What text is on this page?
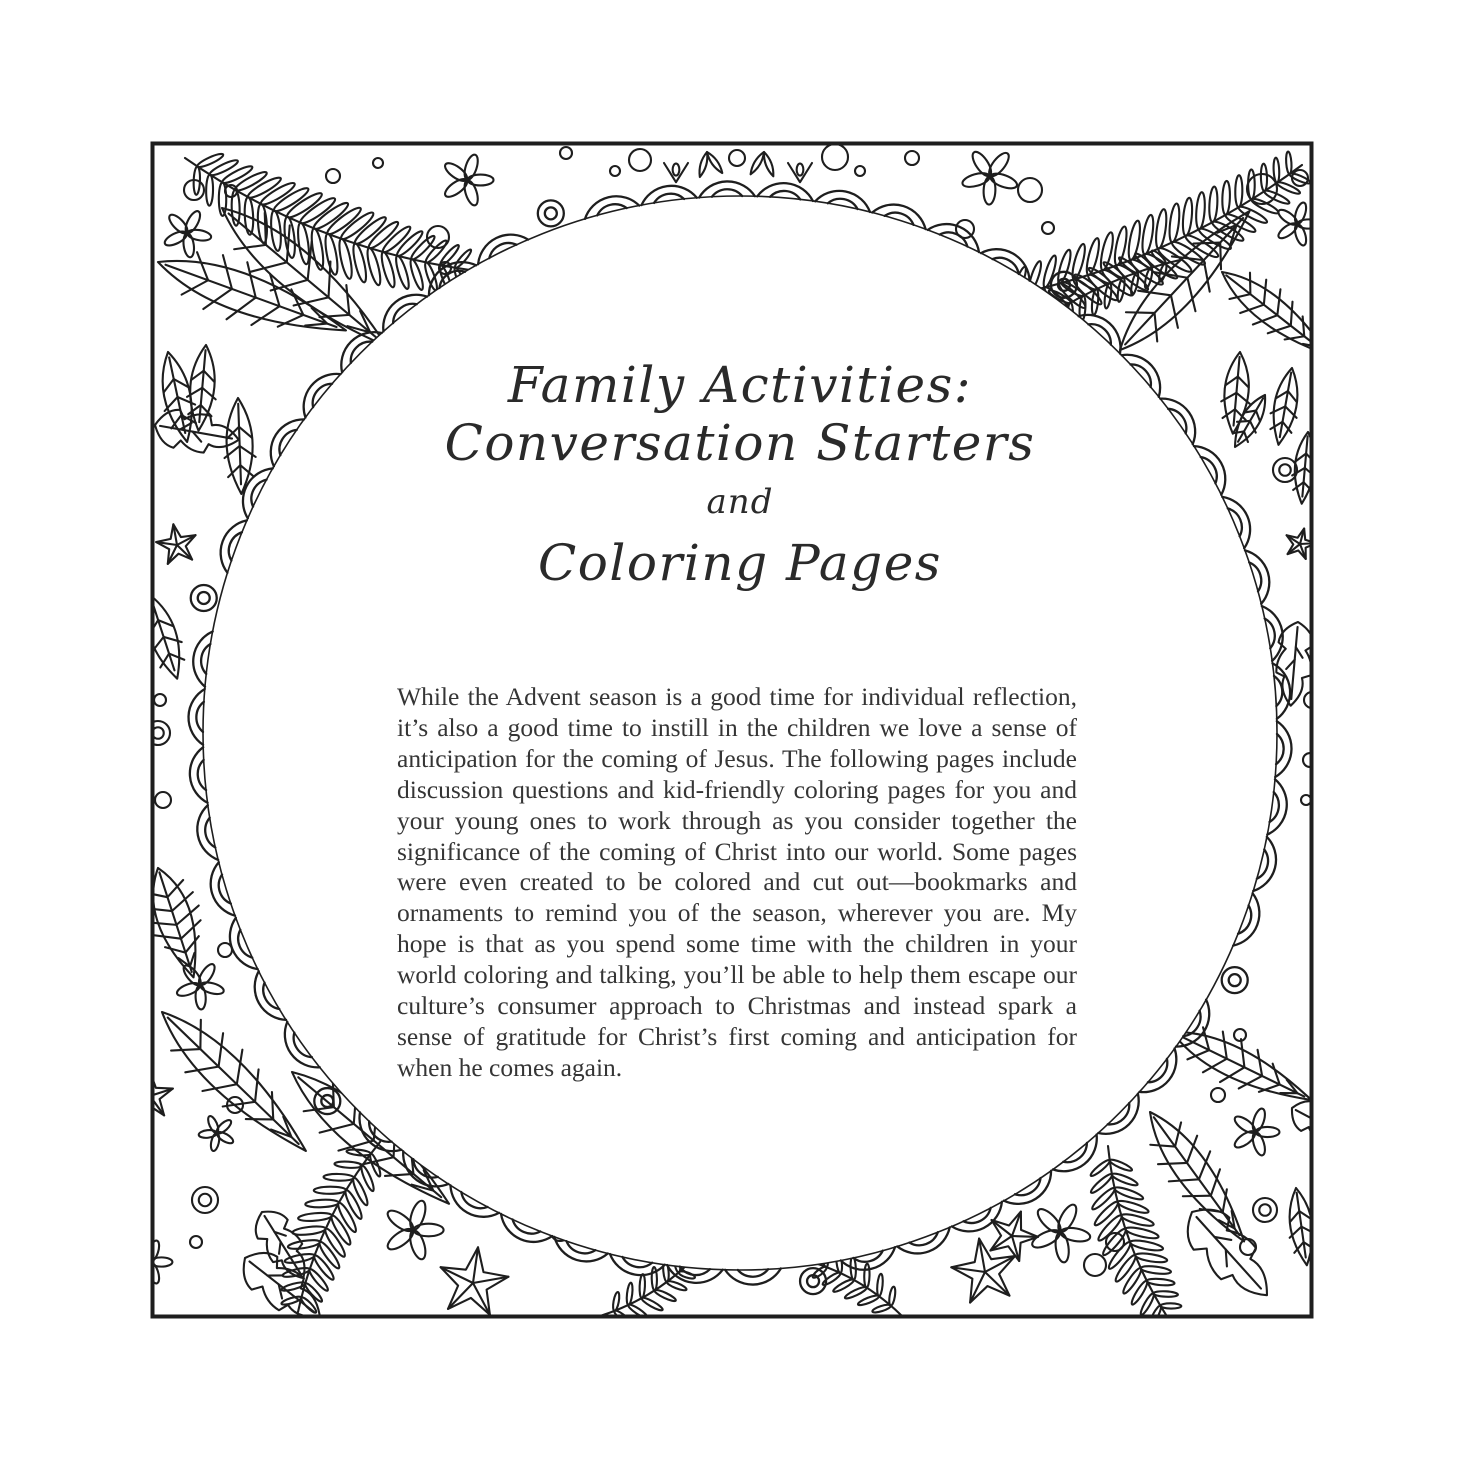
Family Activities:
Conversation Starters
and
Coloring Pages

While the Advent season is a good time for individual reflection, it’s also a good time to instill in the children we love a sense of anticipation for the coming of Jesus. The following pages include discussion questions and kid-friendly coloring pages for you and your young ones to work through as you consider together the significance of the coming of Christ into our world. Some pages were even created to be colored and cut out—bookmarks and ornaments to remind you of the season, wherever you are. My hope is that as you spend some time with the children in your world coloring and talking, you’ll be able to help them escape our culture’s consumer approach to Christmas and instead spark a sense of gratitude for Christ’s first coming and anticipation for when he comes again.
